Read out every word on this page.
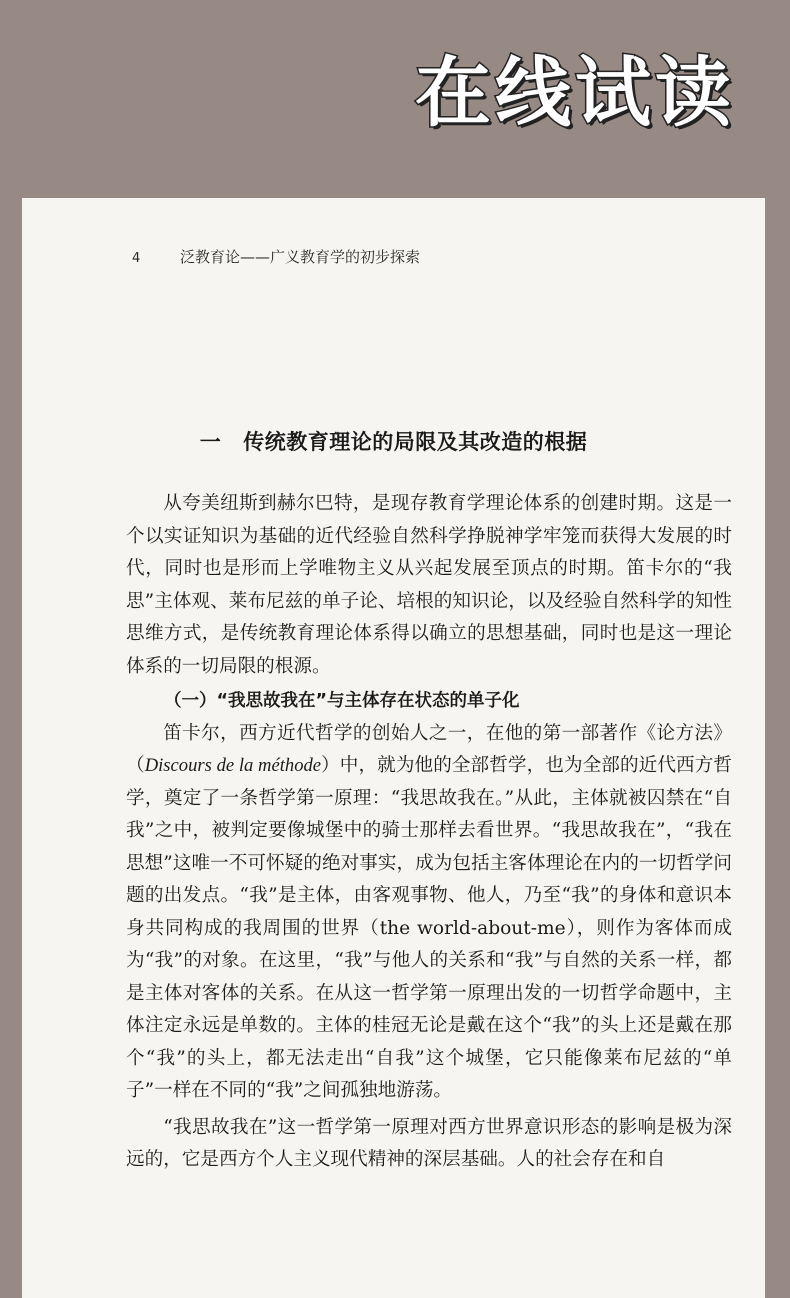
在线试读
4	泛教育论——广义教育学的初步探索
一 传统教育理论的局限及其改造的根据

从夸美纽斯到赫尔巴特，是现存教育学理论体系的创建时期。这是一个以实证知识为基础的近代经验自然科学挣脱神学牢笼而获得大发展的时代，同时也是形而上学唯物主义从兴起发展至顶点的时期。笛卡尔的“我思”主体观、莱布尼兹的单子论、培根的知识论，以及经验自然科学的知性思维方式，是传统教育理论体系得以确立的思想基础，同时也是这一理论体系的一切局限的根源。

（一）“我思故我在”与主体存在状态的单子化

笛卡尔，西方近代哲学的创始人之一，在他的第一部著作《论方法》（Discours de la méthode）中，就为他的全部哲学，也为全部的近代西方哲学，奠定了一条哲学第一原理：“我思故我在。”从此，主体就被囚禁在“自我”之中，被判定要像城堡中的骑士那样去看世界。“我思故我在”，“我在思想”这唯一不可怀疑的绝对事实，成为包括主客体理论在内的一切哲学问题的出发点。“我”是主体，由客观事物、他人，乃至“我”的身体和意识本身共同构成的我周围的世界（the world-about-me），则作为客体而成为“我”的对象。在这里，“我”与他人的关系和“我”与自然的关系一样，都是主体对客体的关系。在从这一哲学第一原理出发的一切哲学命题中，主体注定永远是单数的。主体的桂冠无论是戴在这个“我”的头上还是戴在那个“我”的头上，都无法走出“自我”这个城堡，它只能像莱布尼兹的“单子”一样在不同的“我”之间孤独地游荡。

“我思故我在”这一哲学第一原理对西方世界意识形态的影响是极为深远的，它是西方个人主义现代精神的深层基础。人的社会存在和自
